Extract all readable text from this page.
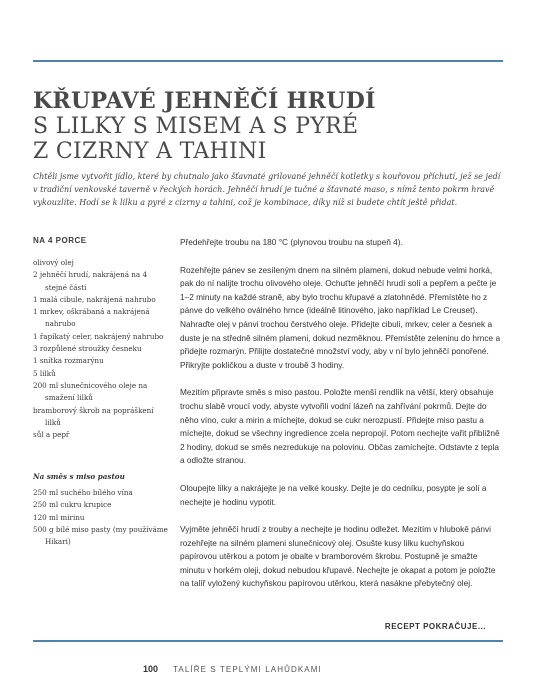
KŘUPAVÉ JEHNĚČÍ HRUDÍ
S LILKY S MISEM A S PYRÉ
Z CIZRNY A TAHINI

Chtěli jsme vytvořit jídlo, které by chutnalo jako šťavnaté grilované jehněčí kotletky s kouřovou příchutí, jež se jedí v tradiční venkovské taverně v řeckých horách. Jehněčí hrudí je tučné a šťavnaté maso, s nímž tento pokrm hravě vykouzlíte. Hodí se k lilku a pyré z cizrny a tahini, což je kombinace, díky níž si budete chtít ještě přidat.

NA 4 PORCE

olivový olej
2 jehněčí hrudí, nakrájená na 4 stejné části
1 malá cibule, nakrájená nahrubo
1 mrkev, oškrábaná a nakrájená nahrubo
1 řapíkatý celer, nakrájený nahrubo
3 rozpůlené stroužky česneku
1 snítka rozmarýnu
5 lilků
200 ml slunečnicového oleje na smažení lilků
bramborový škrob na popráškení lilků
sůl a pepř

Na směs s miso pastou

250 ml suchého bílého vína
250 ml cukru krupice
120 ml mirinu
500 g bílé miso pasty (my používáme Hikari)

Předehřejte troubu na 180 °C (plynovou troubu na stupeň 4).

Rozehřejte pánev se zesíleným dnem na silném plameni, dokud nebude velmi horká, pak do ní nalijte trochu olivového oleje. Ochuťte jehněčí hrudí solí a pepřem a pečte je 1–2 minuty na každé straně, aby bylo trochu křupavé a zlatohnědé. Přemístěte ho z pánve do velkého oválného hrnce (ideálně litinového, jako například Le Creuset). Nahraďte olej v pánvi trochou čerstvého oleje. Přidejte cibuli, mrkev, celer a česnek a duste je na středně silném plameni, dokud nezměknou. Přemístěte zeleninu do hrnce a přidejte rozmarýn. Přilijte dostatečné množství vody, aby v ní bylo jehněčí ponořené. Přikryjte pokličkou a duste v troubě 3 hodiny.

Mezitím připravte směs s miso pastou. Položte menší rendlík na větší, který obsahuje trochu slabě vroucí vody, abyste vytvořili vodní lázeň na zahřívání pokrmů. Dejte do něho víno, cukr a mirin a míchejte, dokud se cukr nerozpustí. Přidejte miso pastu a míchejte, dokud se všechny ingredience zcela nepropojí. Potom nechejte vařit přibližně 2 hodiny, dokud se směs nezredukuje na polovinu. Občas zamíchejte. Odstavte z tepla a odložte stranou.

Oloupejte lilky a nakrájejte je na velké kousky. Dejte je do cedníku, posypte je solí a nechejte je hodinu vypotit.

Vyjměte jehněčí hrudí z trouby a nechejte je hodinu odležet. Mezitím v hlubokě pánvi rozehřejte na silném plameni slunečnicový olej. Osušte kusy lilku kuchyňskou papírovou utěrkou a potom je obalte v bramborovém škrobu. Postupně je smažte minutu v horkém oleji, dokud nebudou křupavé. Nechejte je okapat a potom je položte na talíř vyložený kuchyňskou papírovou utěrkou, která nasákne přebytečný olej.

RECEPT POKRAČUJE...

100 TALÍŘE S TEPLÝMI LAHŮDKAMI
